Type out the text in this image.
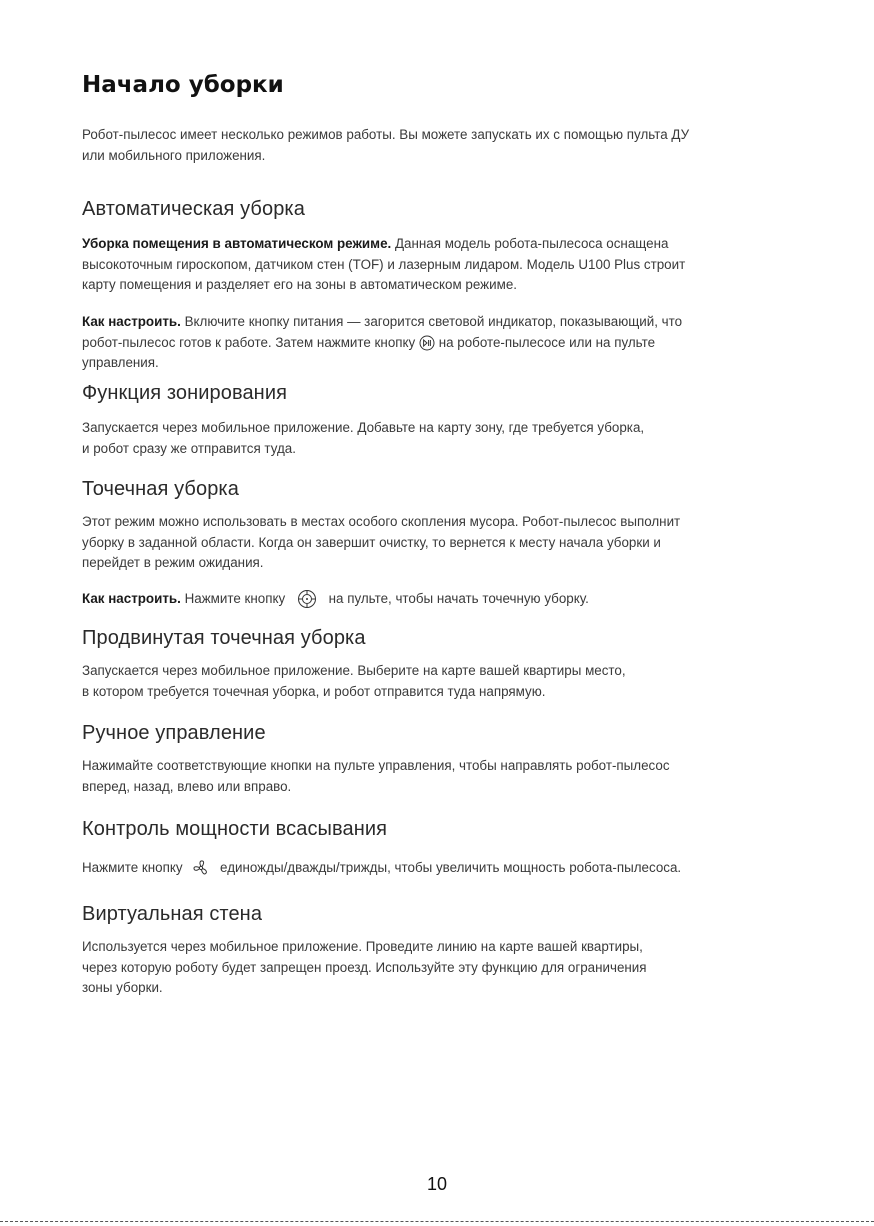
Начало уборки

Робот-пылесос имеет несколько режимов работы. Вы можете запускать их с помощью пульта ДУ
или мобильного приложения.

Автоматическая уборка

Уборка помещения в автоматическом режиме. Данная модель робота-пылесоса оснащена
высокоточным гироскопом, датчиком стен (TOF) и лазерным лидаром. Модель U100 Plus строит
карту помещения и разделяет его на зоны в автоматическом режиме.

Как настроить. Включите кнопку питания — загорится световой индикатор, показывающий, что
робот-пылесос готов к работе. Затем нажмите кнопку на роботе-пылесосе или на пульте
управления.

Функция зонирования

Запускается через мобильное приложение. Добавьте на карту зону, где требуется уборка,
и робот сразу же отправится туда.

Точечная уборка

Этот режим можно использовать в местах особого скопления мусора. Робот-пылесос выполнит
уборку в заданной области. Когда он завершит очистку, то вернется к месту начала уборки и
перейдет в режим ожидания.

Как настроить. Нажмите кнопку	на пульте, чтобы начать точечную уборку.

Продвинутая точечная уборка

Запускается через мобильное приложение. Выберите на карте вашей квартиры место,
в котором требуется точечная уборка, и робот отправится туда напрямую.

Ручное управление

Нажимайте соответствующие кнопки на пульте управления, чтобы направлять робот-пылесос
вперед, назад, влево или вправо.

Контроль мощности всасывания

Нажмите кнопку	единожды/дважды/трижды, чтобы увеличить мощность робота-пылесоса.

Виртуальная стена

Используется через мобильное приложение. Проведите линию на карте вашей квартиры,
через которую роботу будет запрещен проезд. Используйте эту функцию для ограничения
зоны уборки.

10
